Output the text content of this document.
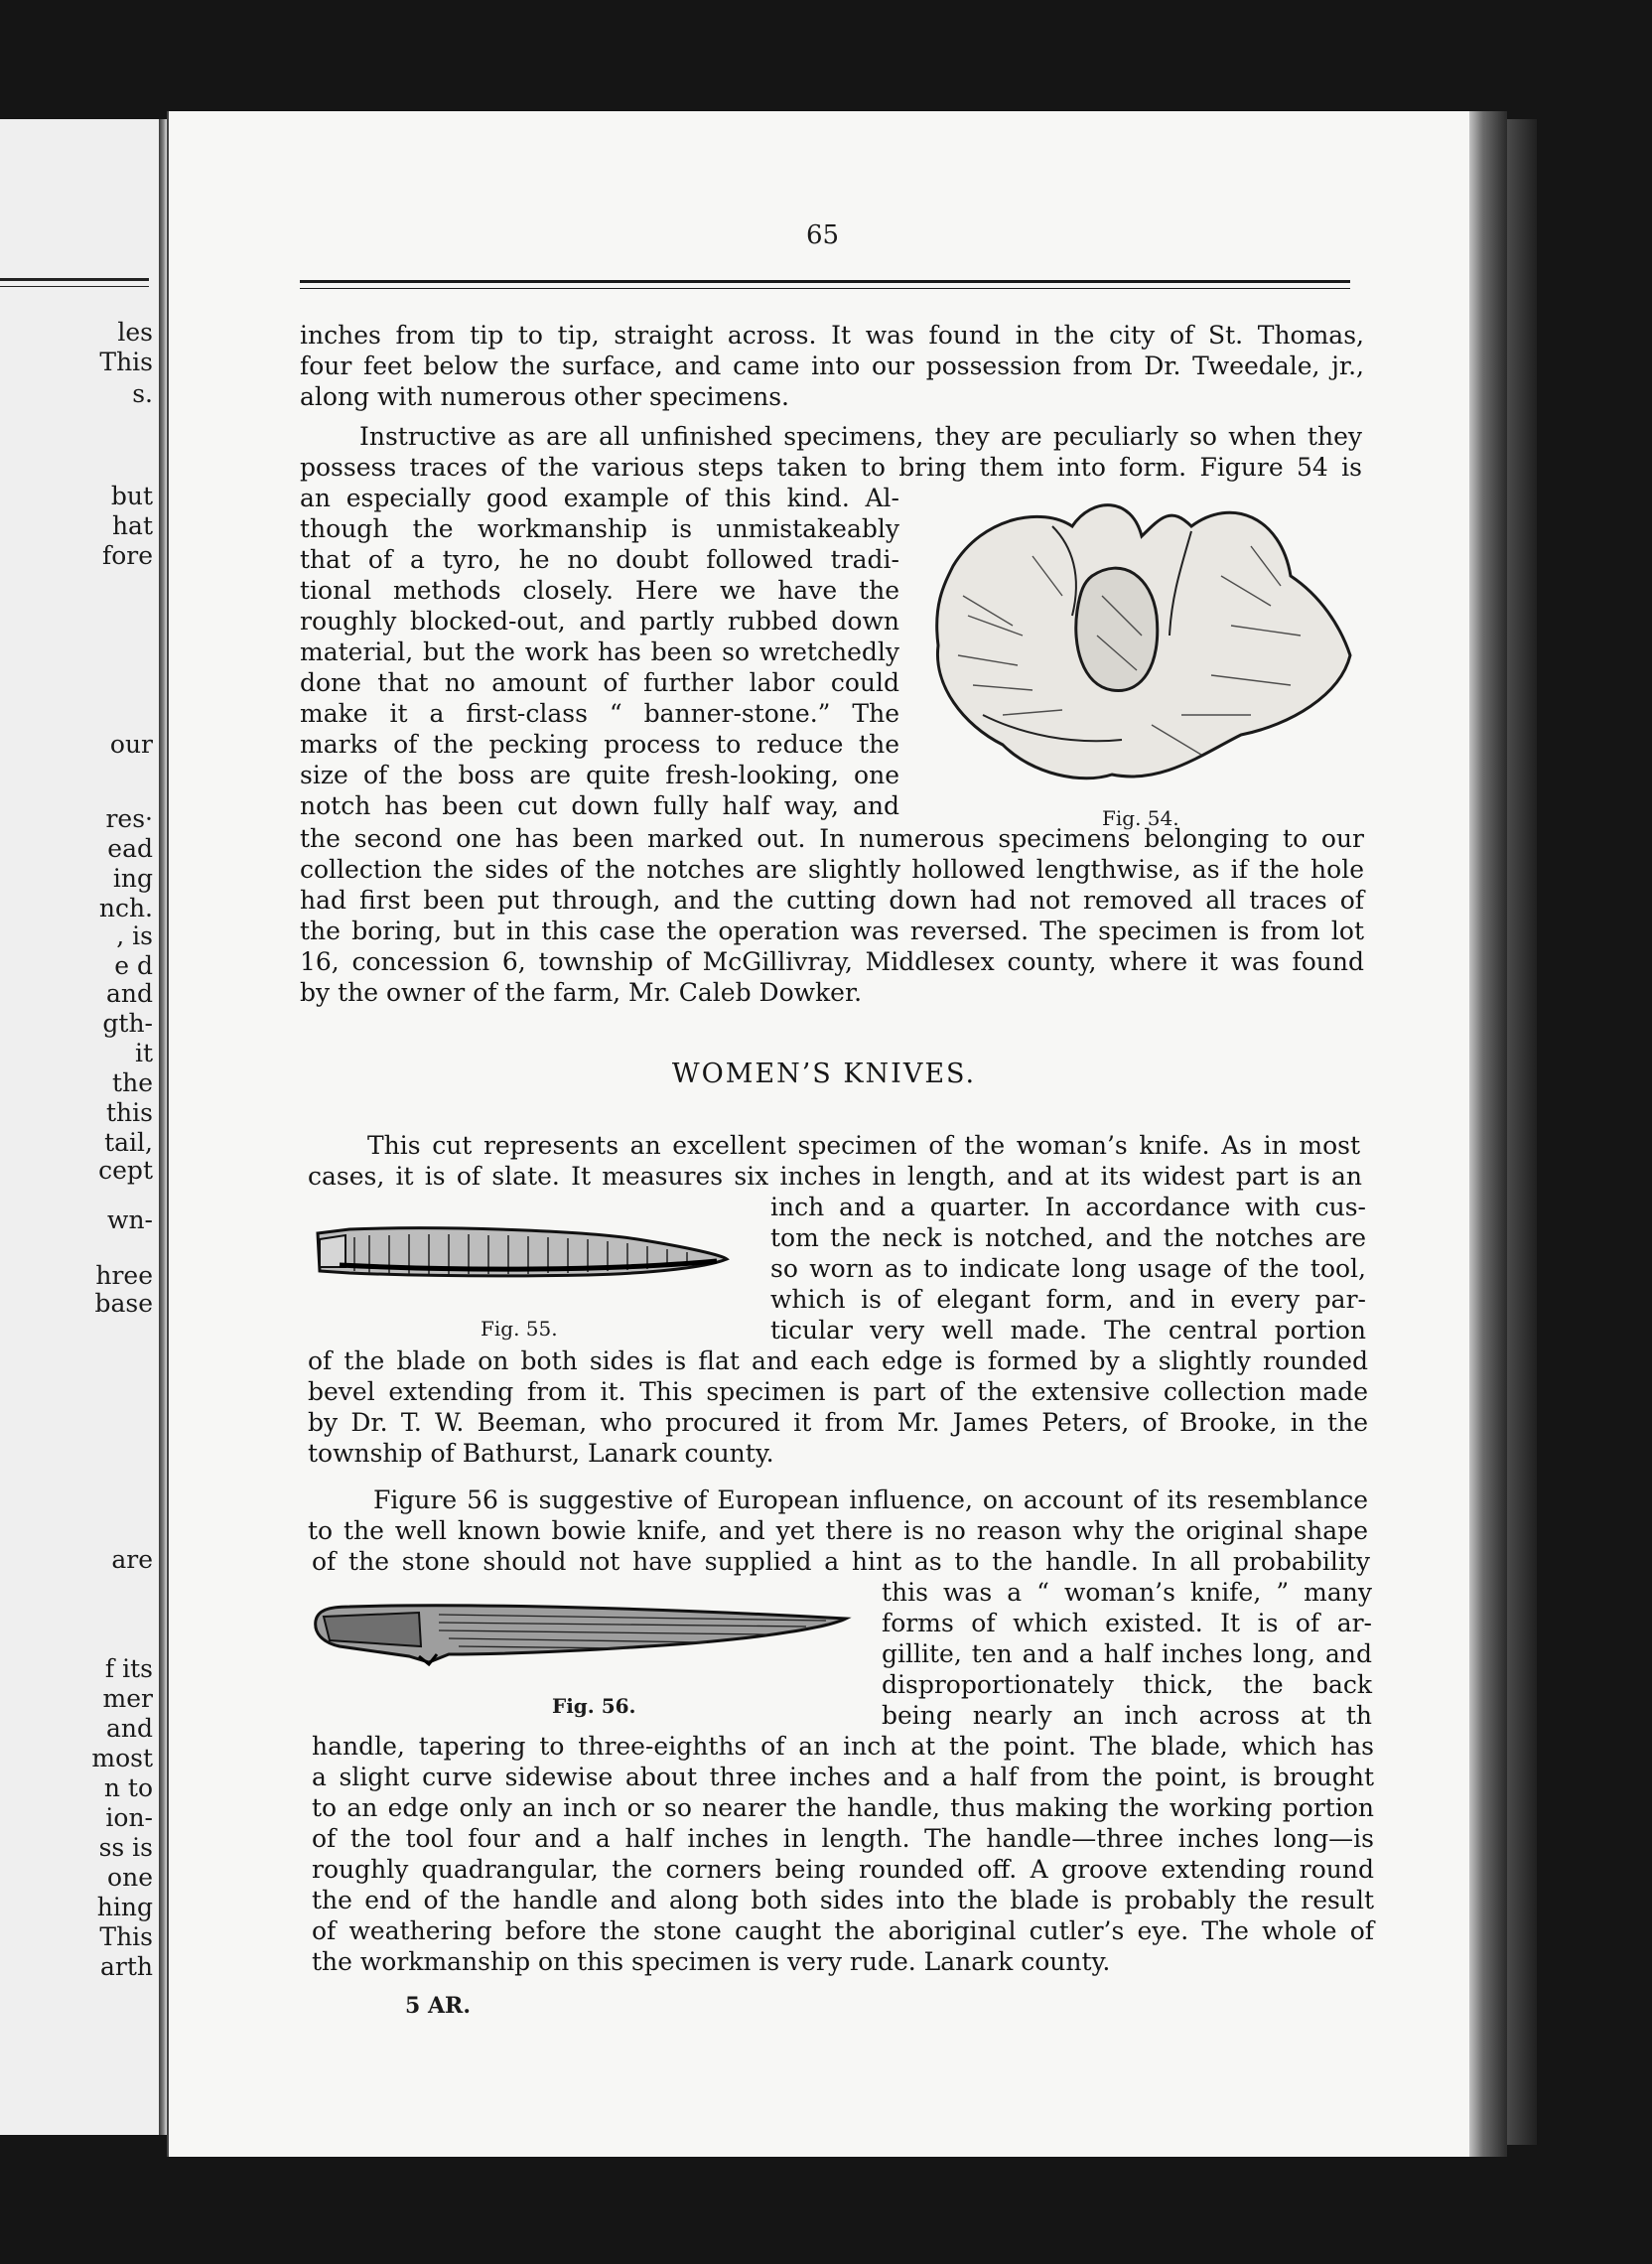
les
This
s.
but
hat
fore
our
res·
ead
ing
nch.
, is
e d
and
gth-
it
the
this
tail,
cept
wn-
hree
base
are
f its
mer
and
most
n to
ion-
ss is
one
hing
This
arth
65
inches from tip to tip, straight across. It was found in the city of St. Thomas,
four feet below the surface, and came into our possession from Dr. Tweedale, jr.,
along with numerous other specimens.
Instructive as are all unfinished specimens, they are peculiarly so when they
possess traces of the various steps taken to bring them into form. Figure 54 is
an especially good example of this kind. Al-
though the workmanship is unmistakeably
that of a tyro, he no doubt followed tradi-
tional methods closely. Here we have the
roughly blocked-out, and partly rubbed down
material, but the work has been so wretchedly
done that no amount of further labor could
make it a first-class “ banner-stone.” The
marks of the pecking process to reduce the
size of the boss are quite fresh-looking, one
notch has been cut down fully half way, and
the second one has been marked out. In numerous specimens belonging to our
collection the sides of the notches are slightly hollowed lengthwise, as if the hole
had first been put through, and the cutting down had not removed all traces of
the boring, but in this case the operation was reversed. The specimen is from lot
16, concession 6, township of McGillivray, Middlesex county, where it was found
by the owner of the farm, Mr. Caleb Dowker.
Fig. 54.
WOMEN’S KNIVES.
This cut represents an excellent specimen of the woman’s knife. As in most
cases, it is of slate. It measures six inches in length, and at its widest part is an
inch and a quarter. In accordance with cus-
tom the neck is notched, and the notches are
so worn as to indicate long usage of the tool,
which is of elegant form, and in every par-
ticular very well made. The central portion
of the blade on both sides is flat and each edge is formed by a slightly rounded
bevel extending from it. This specimen is part of the extensive collection made
by Dr. T. W. Beeman, who procured it from Mr. James Peters, of Brooke, in the
township of Bathurst, Lanark county.
Fig. 55.
Figure 56 is suggestive of European influence, on account of its resemblance
to the well known bowie knife, and yet there is no reason why the original shape
of the stone should not have supplied a hint as to the handle. In all probability
this was a “ woman’s knife, ” many
forms of which existed. It is of ar-
gillite, ten and a half inches long, and
disproportionately thick, the back
being nearly an inch across at th
handle, tapering to three-eighths of an inch at the point. The blade, which has
a slight curve sidewise about three inches and a half from the point, is brought
to an edge only an inch or so nearer the handle, thus making the working portion
of the tool four and a half inches in length. The handle—three inches long—is
roughly quadrangular, the corners being rounded off. A groove extending round
the end of the handle and along both sides into the blade is probably the result
of weathering before the stone caught the aboriginal cutler’s eye. The whole of
the workmanship on this specimen is very rude. Lanark county.
Fig. 56.
5 AR.
